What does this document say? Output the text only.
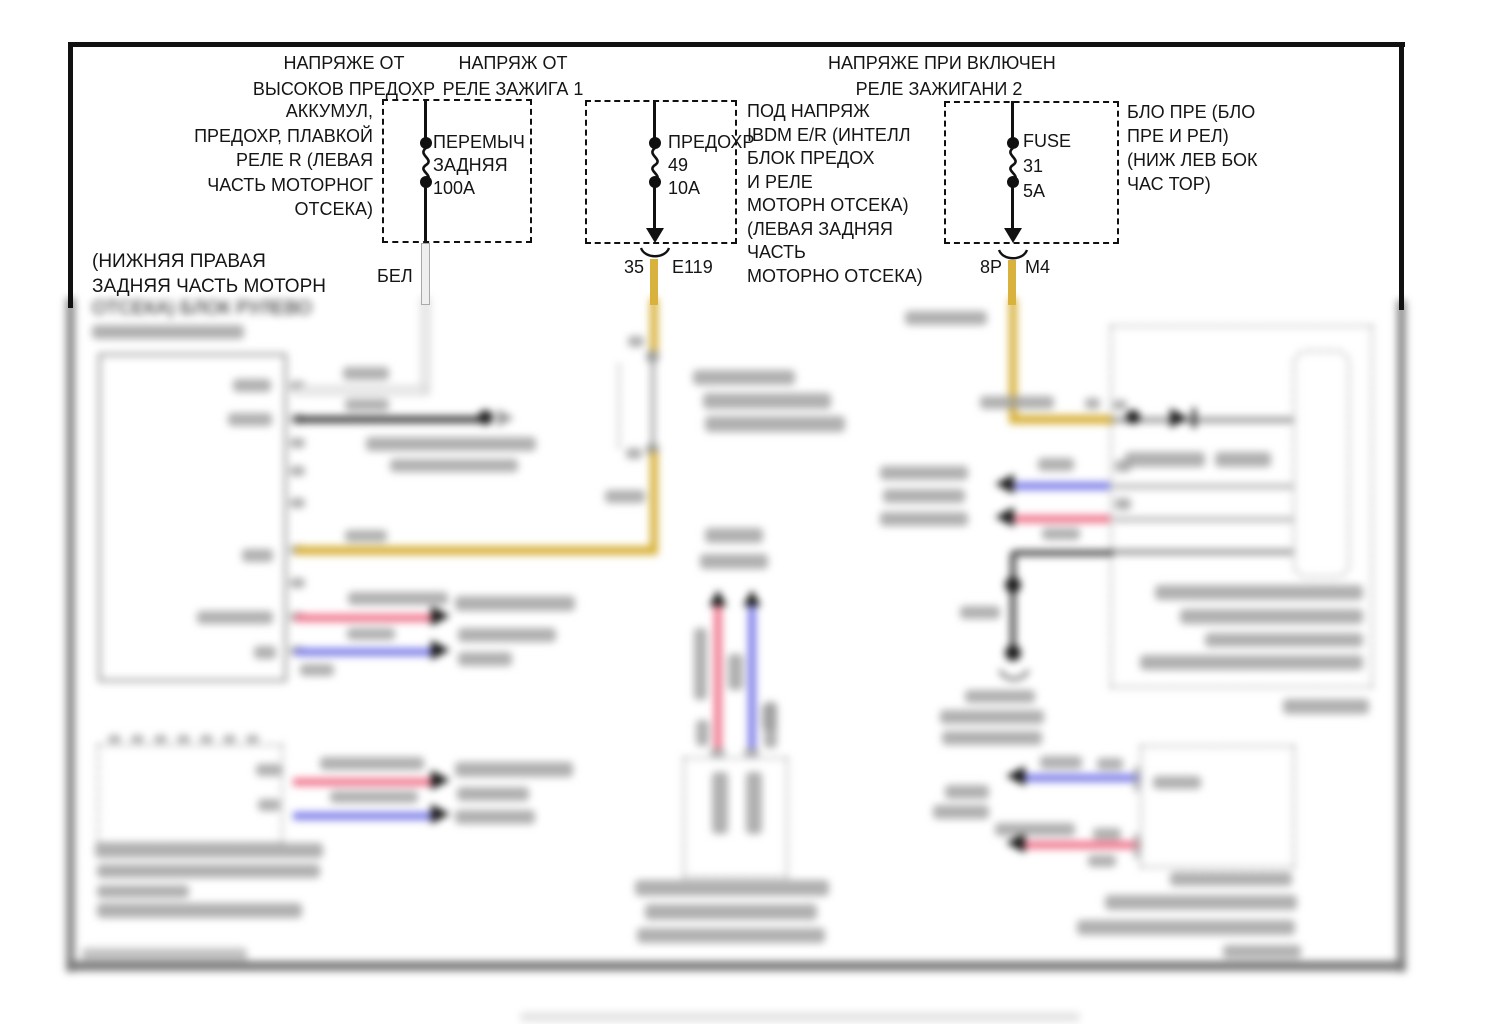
ОТСЕКА) БЛОК РУЛЕВО
НАПРЯЖЕ ОТ
ВЫСОКОВ ПРЕДОХР
НАПРЯЖ ОТ
РЕЛЕ ЗАЖИГА 1
НАПРЯЖЕ ПРИ ВКЛЮЧЕН
РЕЛЕ ЗАЖИГАНИ 2
АККУМУЛ,
ПРЕДОХР, ПЛАВКОЙ
РЕЛЕ R (ЛЕВАЯ
ЧАСТЬ МОТОРНОГ
ОТСЕКА)
ПЕРЕМЫЧ
ЗАДНЯЯ
100А
БЕЛ
ПРЕДОХР
49
10А
35 E119
FUSE
31
5А
8Р М4
ПОД НАПРЯЖ
IBDM E/R (ИНТЕЛЛ
БЛОК ПРЕДОХ
И РЕЛЕ
МОТОРН ОТСЕКА)
(ЛЕВАЯ ЗАДНЯЯ
ЧАСТЬ
МОТОРНО ОТСЕКА)
БЛО ПРЕ (БЛО
ПРЕ И РЕЛ)
(НИЖ ЛЕВ БОК
ЧАС ТОР)
(НИЖНЯЯ ПРАВАЯ
ЗАДНЯЯ ЧАСТЬ МОТОРН
